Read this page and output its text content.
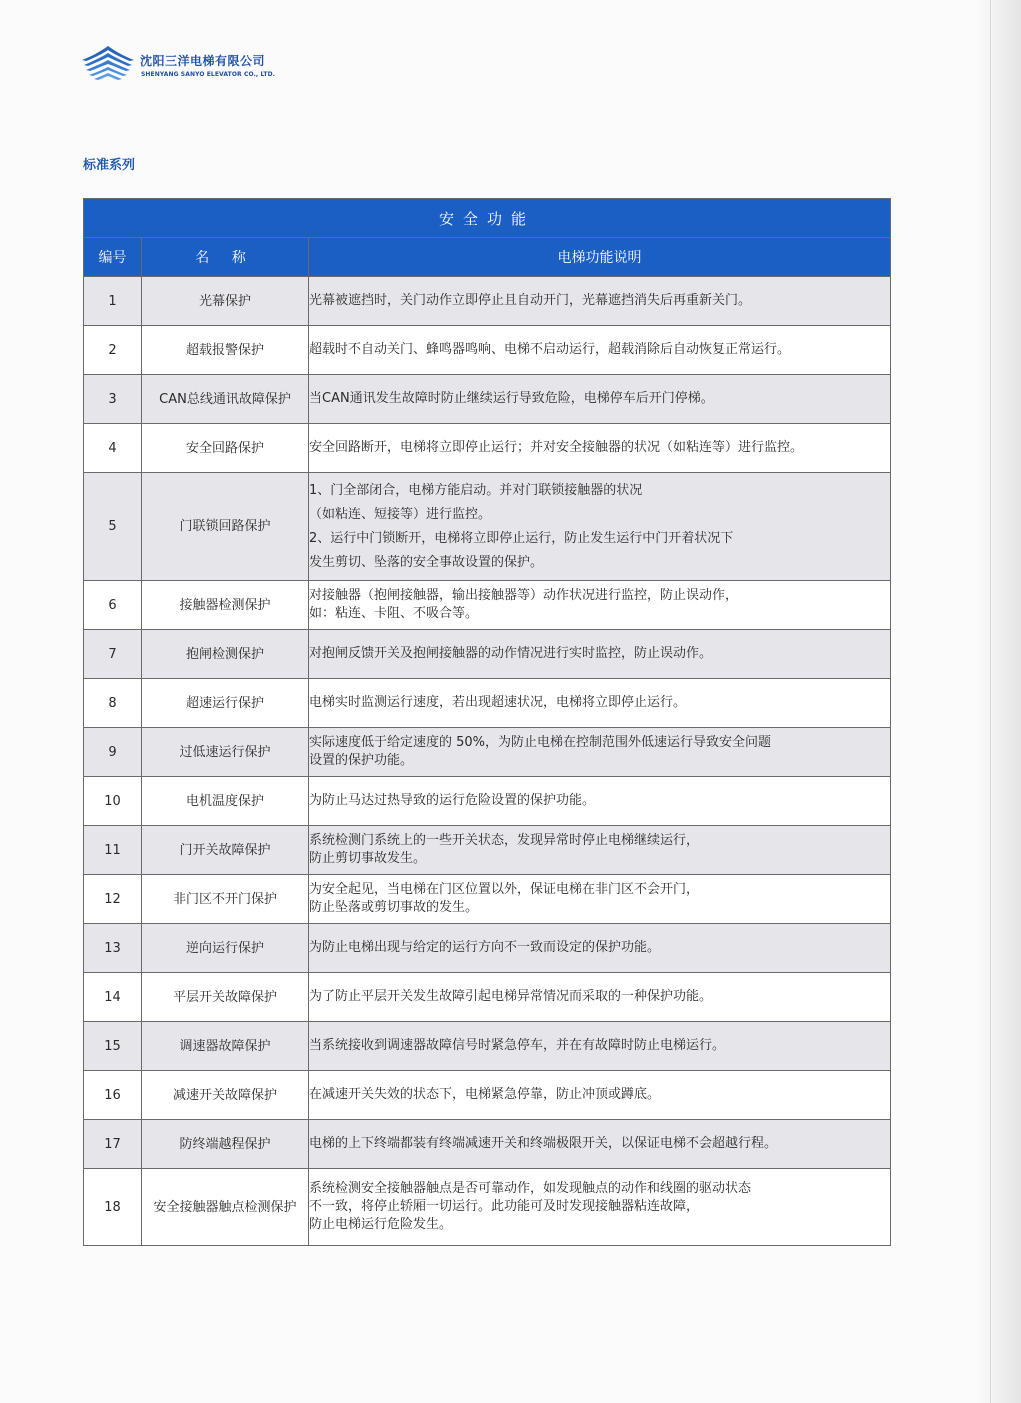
沈阳三洋电梯有限公司
SHENYANG SANYO ELEVATOR CO., LTD.
标准系列
安全功能		
编号	名 称	电梯功能说明
1	光幕保护	光幕被遮挡时，关门动作立即停止且自动开门，光幕遮挡消失后再重新关门。

2	超载报警保护	超载时不自动关门、蜂鸣器鸣响、电梯不启动运行，超载消除后自动恢复正常运行。

3	CAN总线通讯故障保护	当CAN通讯发生故障时防止继续运行导致危险，电梯停车后开门停梯。

4	安全回路保护	安全回路断开，电梯将立即停止运行；并对安全接触器的状况（如粘连等）进行监控。

5	门联锁回路保护	1、门全部闭合，电梯方能启动。并对门联锁接触器的状况
（如粘连、短接等）进行监控。
2、运行中门锁断开，电梯将立即停止运行，防止发生运行中门开着状况下
发生剪切、坠落的安全事故设置的保护。

6	接触器检测保护	对接触器（抱闸接触器，输出接触器等）动作状况进行监控，防止误动作，
如：粘连、卡阻、不吸合等。

7	抱闸检测保护	对抱闸反馈开关及抱闸接触器的动作情况进行实时监控，防止误动作。

8	超速运行保护	电梯实时监测运行速度，若出现超速状况，电梯将立即停止运行。

9	过低速运行保护	实际速度低于给定速度的 50%，为防止电梯在控制范围外低速运行导致安全问题
设置的保护功能。

10	电机温度保护	为防止马达过热导致的运行危险设置的保护功能。

11	门开关故障保护	系统检测门系统上的一些开关状态，发现异常时停止电梯继续运行，
防止剪切事故发生。

12	非门区不开门保护	为安全起见，当电梯在门区位置以外，保证电梯在非门区不会开门，
防止坠落或剪切事故的发生。

13	逆向运行保护	为防止电梯出现与给定的运行方向不一致而设定的保护功能。

14	平层开关故障保护	为了防止平层开关发生故障引起电梯异常情况而采取的一种保护功能。

15	调速器故障保护	当系统接收到调速器故障信号时紧急停车，并在有故障时防止电梯运行。

16	减速开关故障保护	在减速开关失效的状态下，电梯紧急停靠，防止冲顶或蹲底。

17	防终端越程保护	电梯的上下终端都装有终端减速开关和终端极限开关，以保证电梯不会超越行程。

18	安全接触器触点检测保护	系统检测安全接触器触点是否可靠动作，如发现触点的动作和线圈的驱动状态
不一致，将停止轿厢一切运行。此功能可及时发现接触器粘连故障，
防止电梯运行危险发生。
